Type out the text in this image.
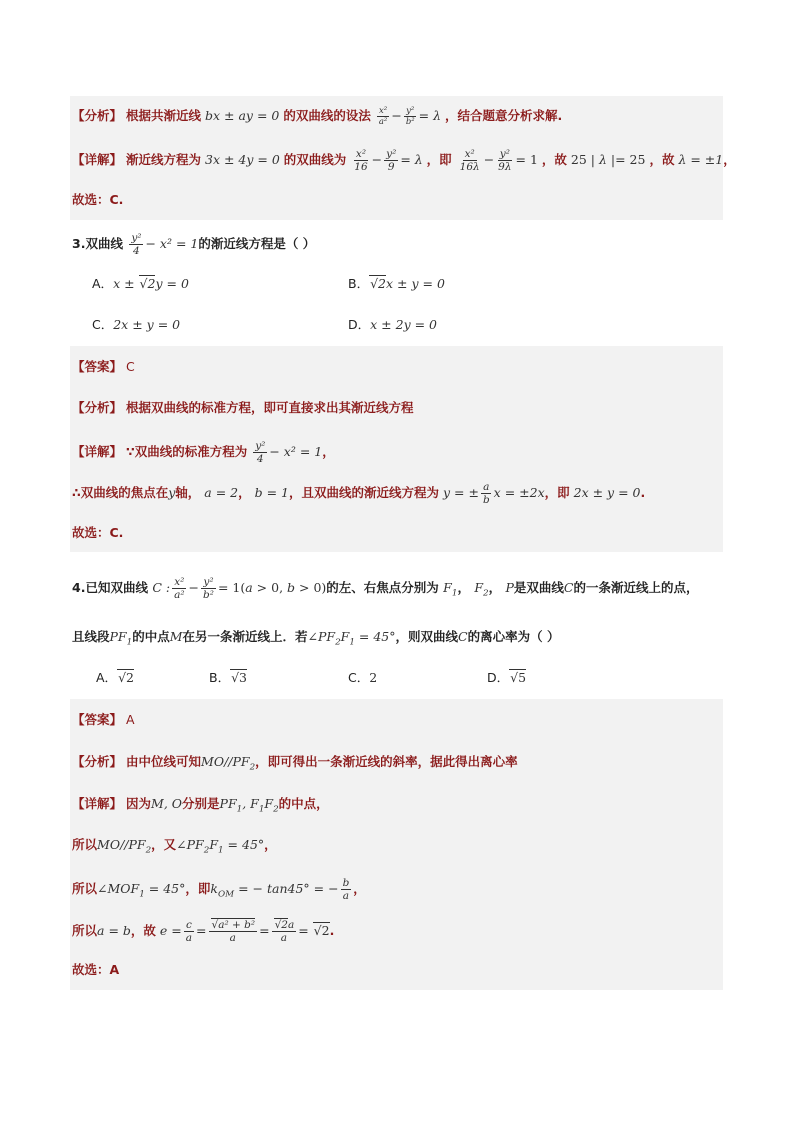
【分析】 根据共渐近线 bx ± ay = 0 的双曲线的设法 $\frac{\text{x²}}{\text{a²}} - \frac{\text{y²}}{\text{b²}} = \lambda$ ，结合题意分析求解.
【详解】 渐近线方程为 3x ± 4y = 0 的双曲线为 $\frac{\text{x²}}{16} - \frac{\text{y²}}{9} = \lambda$ ，即 $\frac{\text{x²}}{16\lambda} - \frac{\text{y²}}{9\lambda} = 1$ ，故 25 | λ |= 25 ，故 λ = ±1，
故选：C.
3.双曲线 $\frac{\text{y²}}{4} - x^2 = 1$的渐近线方程是（ ）
A．x ± √2y = 0	B．√2x ± y = 0
C．2x ± y = 0	D．x ± 2y = 0
【答案】 C
【分析】 根据双曲线的标准方程，即可直接求出其渐近线方程
【详解】 ∵双曲线的标准方程为 $\frac{\text{y²}}{4} - x^2 = 1$，
∴双曲线的焦点在y轴， a = 2， b = 1，且双曲线的渐近线方程为 y = ± $\frac{a}{b}$ x = ±2x，即 2x ± y = 0.
故选：C.
4.已知双曲线 C : $\frac{\text{x²}}{\text{a²}} - \frac{\text{y²}}{\text{b²}} = 1(a > 0$, b > 0)的左、右焦点分别为 $F_1$， $F_2$， P是双曲线C的一条渐近线上的点，
且线段$PF_1$的中点M在另一条渐近线上．若$\angle PF_2F_1 = 45^\circ$，则双曲线C的离心率为（ ）
A．√2	B．√3	C．2	D．√5
【答案】 A
【分析】 由中位线可知$MO//PF_2$，即可得出一条渐近线的斜率，据此得出离心率
【详解】 因为M, O分别是$PF_1$, $F_1F_2$的中点，
所以$MO//PF_2$，又$\angle PF_2F_1 = 45^\circ$，
所以$\angle MOF_1 = 45^\circ$，即$k_{OM}$ = − tan45° = − $\frac{b}{a}$ ，
所以a = b，故 $e = \frac{c}{a} = \frac{\text{√a² + b²}}{a} = \frac{√2a}{a} = √2$.
故选：A
